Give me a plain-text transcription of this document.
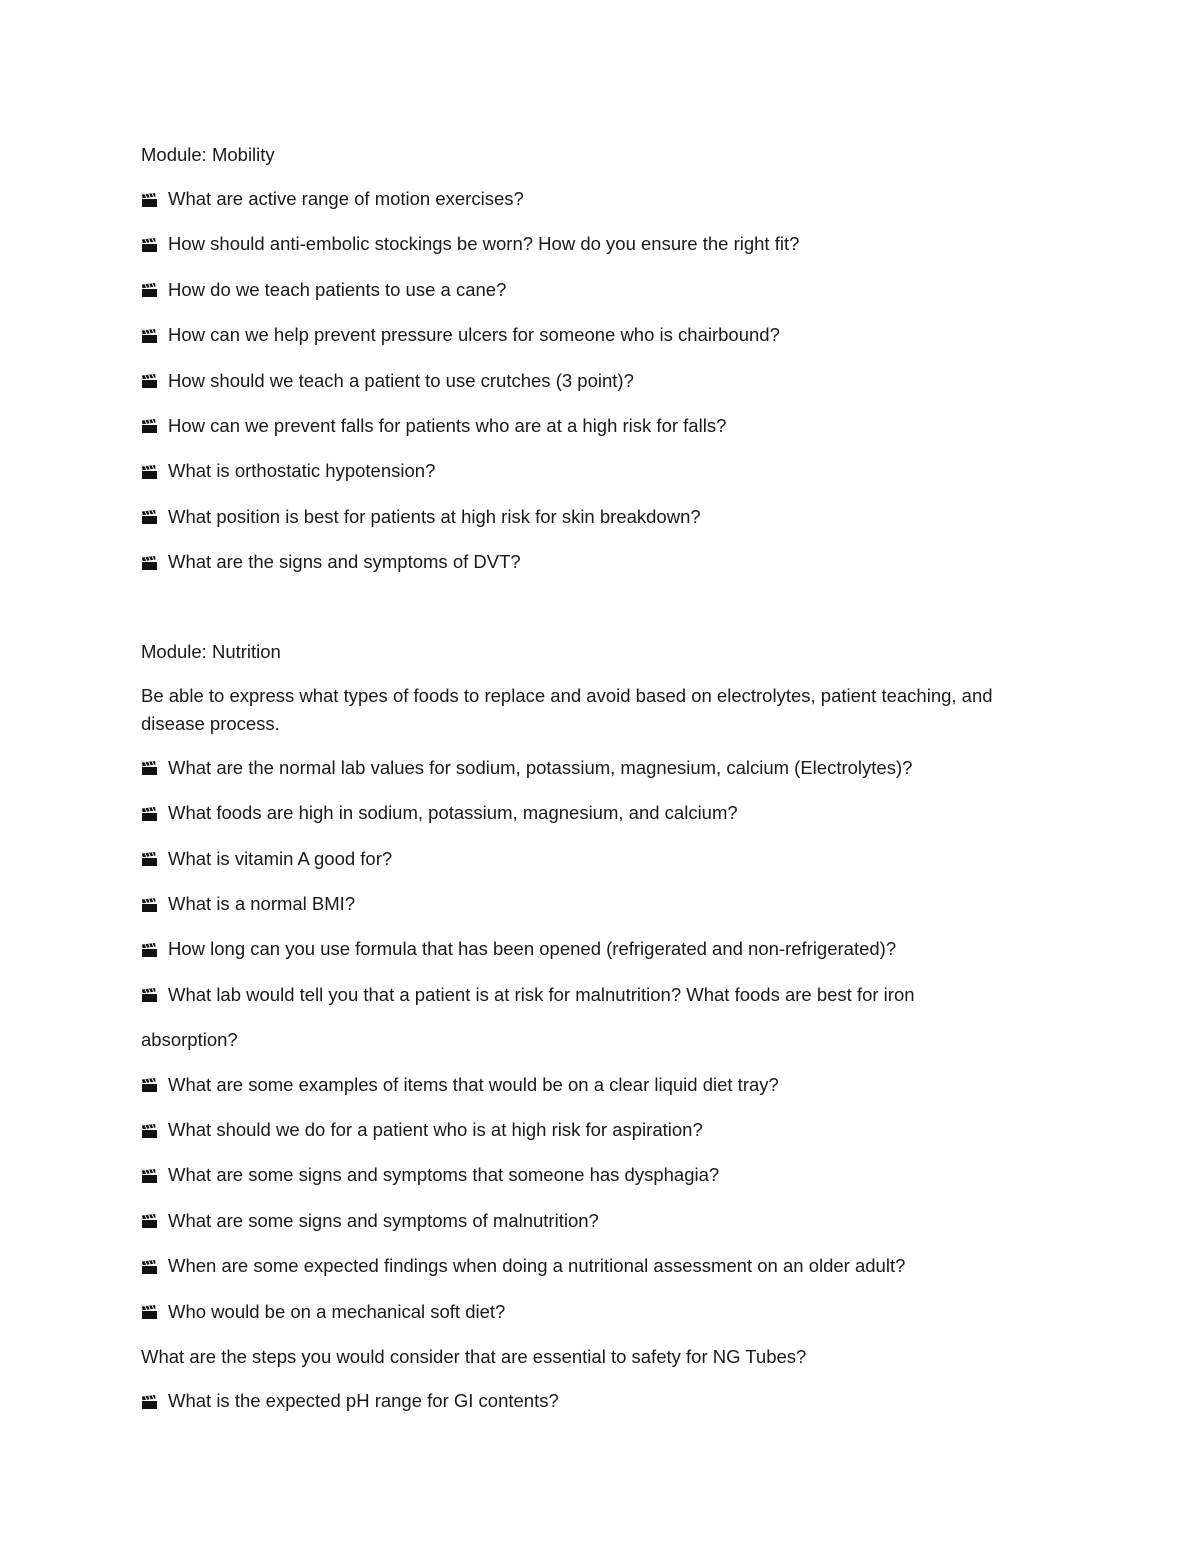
Module: Mobility
What are active range of motion exercises?
How should anti-embolic stockings be worn? How do you ensure the right fit?
How do we teach patients to use a cane?
How can we help prevent pressure ulcers for someone who is chairbound?
How should we teach a patient to use crutches (3 point)?
How can we prevent falls for patients who are at a high risk for falls?
What is orthostatic hypotension?
What position is best for patients at high risk for skin breakdown?
What are the signs and symptoms of DVT?
Module: Nutrition
Be able to express what types of foods to replace and avoid based on electrolytes, patient teaching, and disease process.
What are the normal lab values for sodium, potassium, magnesium, calcium (Electrolytes)?
What foods are high in sodium, potassium, magnesium, and calcium?
What is vitamin A good for?
What is a normal BMI?
How long can you use formula that has been opened (refrigerated and non-refrigerated)?
What lab would tell you that a patient is at risk for malnutrition? What foods are best for iron
absorption?
What are some examples of items that would be on a clear liquid diet tray?
What should we do for a patient who is at high risk for aspiration?
What are some signs and symptoms that someone has dysphagia?
What are some signs and symptoms of malnutrition?
When are some expected findings when doing a nutritional assessment on an older adult?
Who would be on a mechanical soft diet?
What are the steps you would consider that are essential to safety for NG Tubes?
What is the expected pH range for GI contents?
